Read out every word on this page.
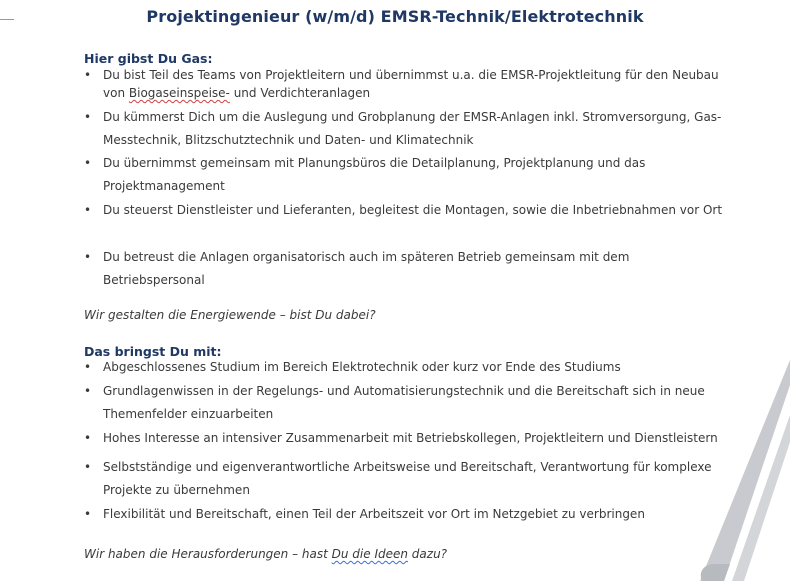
Projektingenieur (w/m/d) EMSR-Technik/Elektrotechnik
Hier gibst Du Gas:
• Du bist Teil des Teams von Projektleitern und übernimmst u.a. die EMSR-Projektleitung für den Neubau von Biogaseinspeise- und Verdichteranlagen
• Du kümmerst Dich um die Auslegung und Grobplanung der EMSR-Anlagen inkl. Stromversorgung, Gas-Messtechnik, Blitzschutztechnik und Daten- und Klimatechnik
• Du übernimmst gemeinsam mit Planungsbüros die Detailplanung, Projektplanung und das Projektmanagement
• Du steuerst Dienstleister und Lieferanten, begleitest die Montagen, sowie die Inbetriebnahmen vor Ort
• Du betreust die Anlagen organisatorisch auch im späteren Betrieb gemeinsam mit dem Betriebspersonal
Wir gestalten die Energiewende – bist Du dabei?
Das bringst Du mit:
• Abgeschlossenes Studium im Bereich Elektrotechnik oder kurz vor Ende des Studiums
• Grundlagenwissen in der Regelungs- und Automatisierungstechnik und die Bereitschaft sich in neue Themenfelder einzuarbeiten
• Hohes Interesse an intensiver Zusammenarbeit mit Betriebskollegen, Projektleitern und Dienstleistern
• Selbstständige und eigenverantwortliche Arbeitsweise und Bereitschaft, Verantwortung für komplexe Projekte zu übernehmen
• Flexibilität und Bereitschaft, einen Teil der Arbeitszeit vor Ort im Netzgebiet zu verbringen
Wir haben die Herausforderungen – hast Du die Ideen dazu?
